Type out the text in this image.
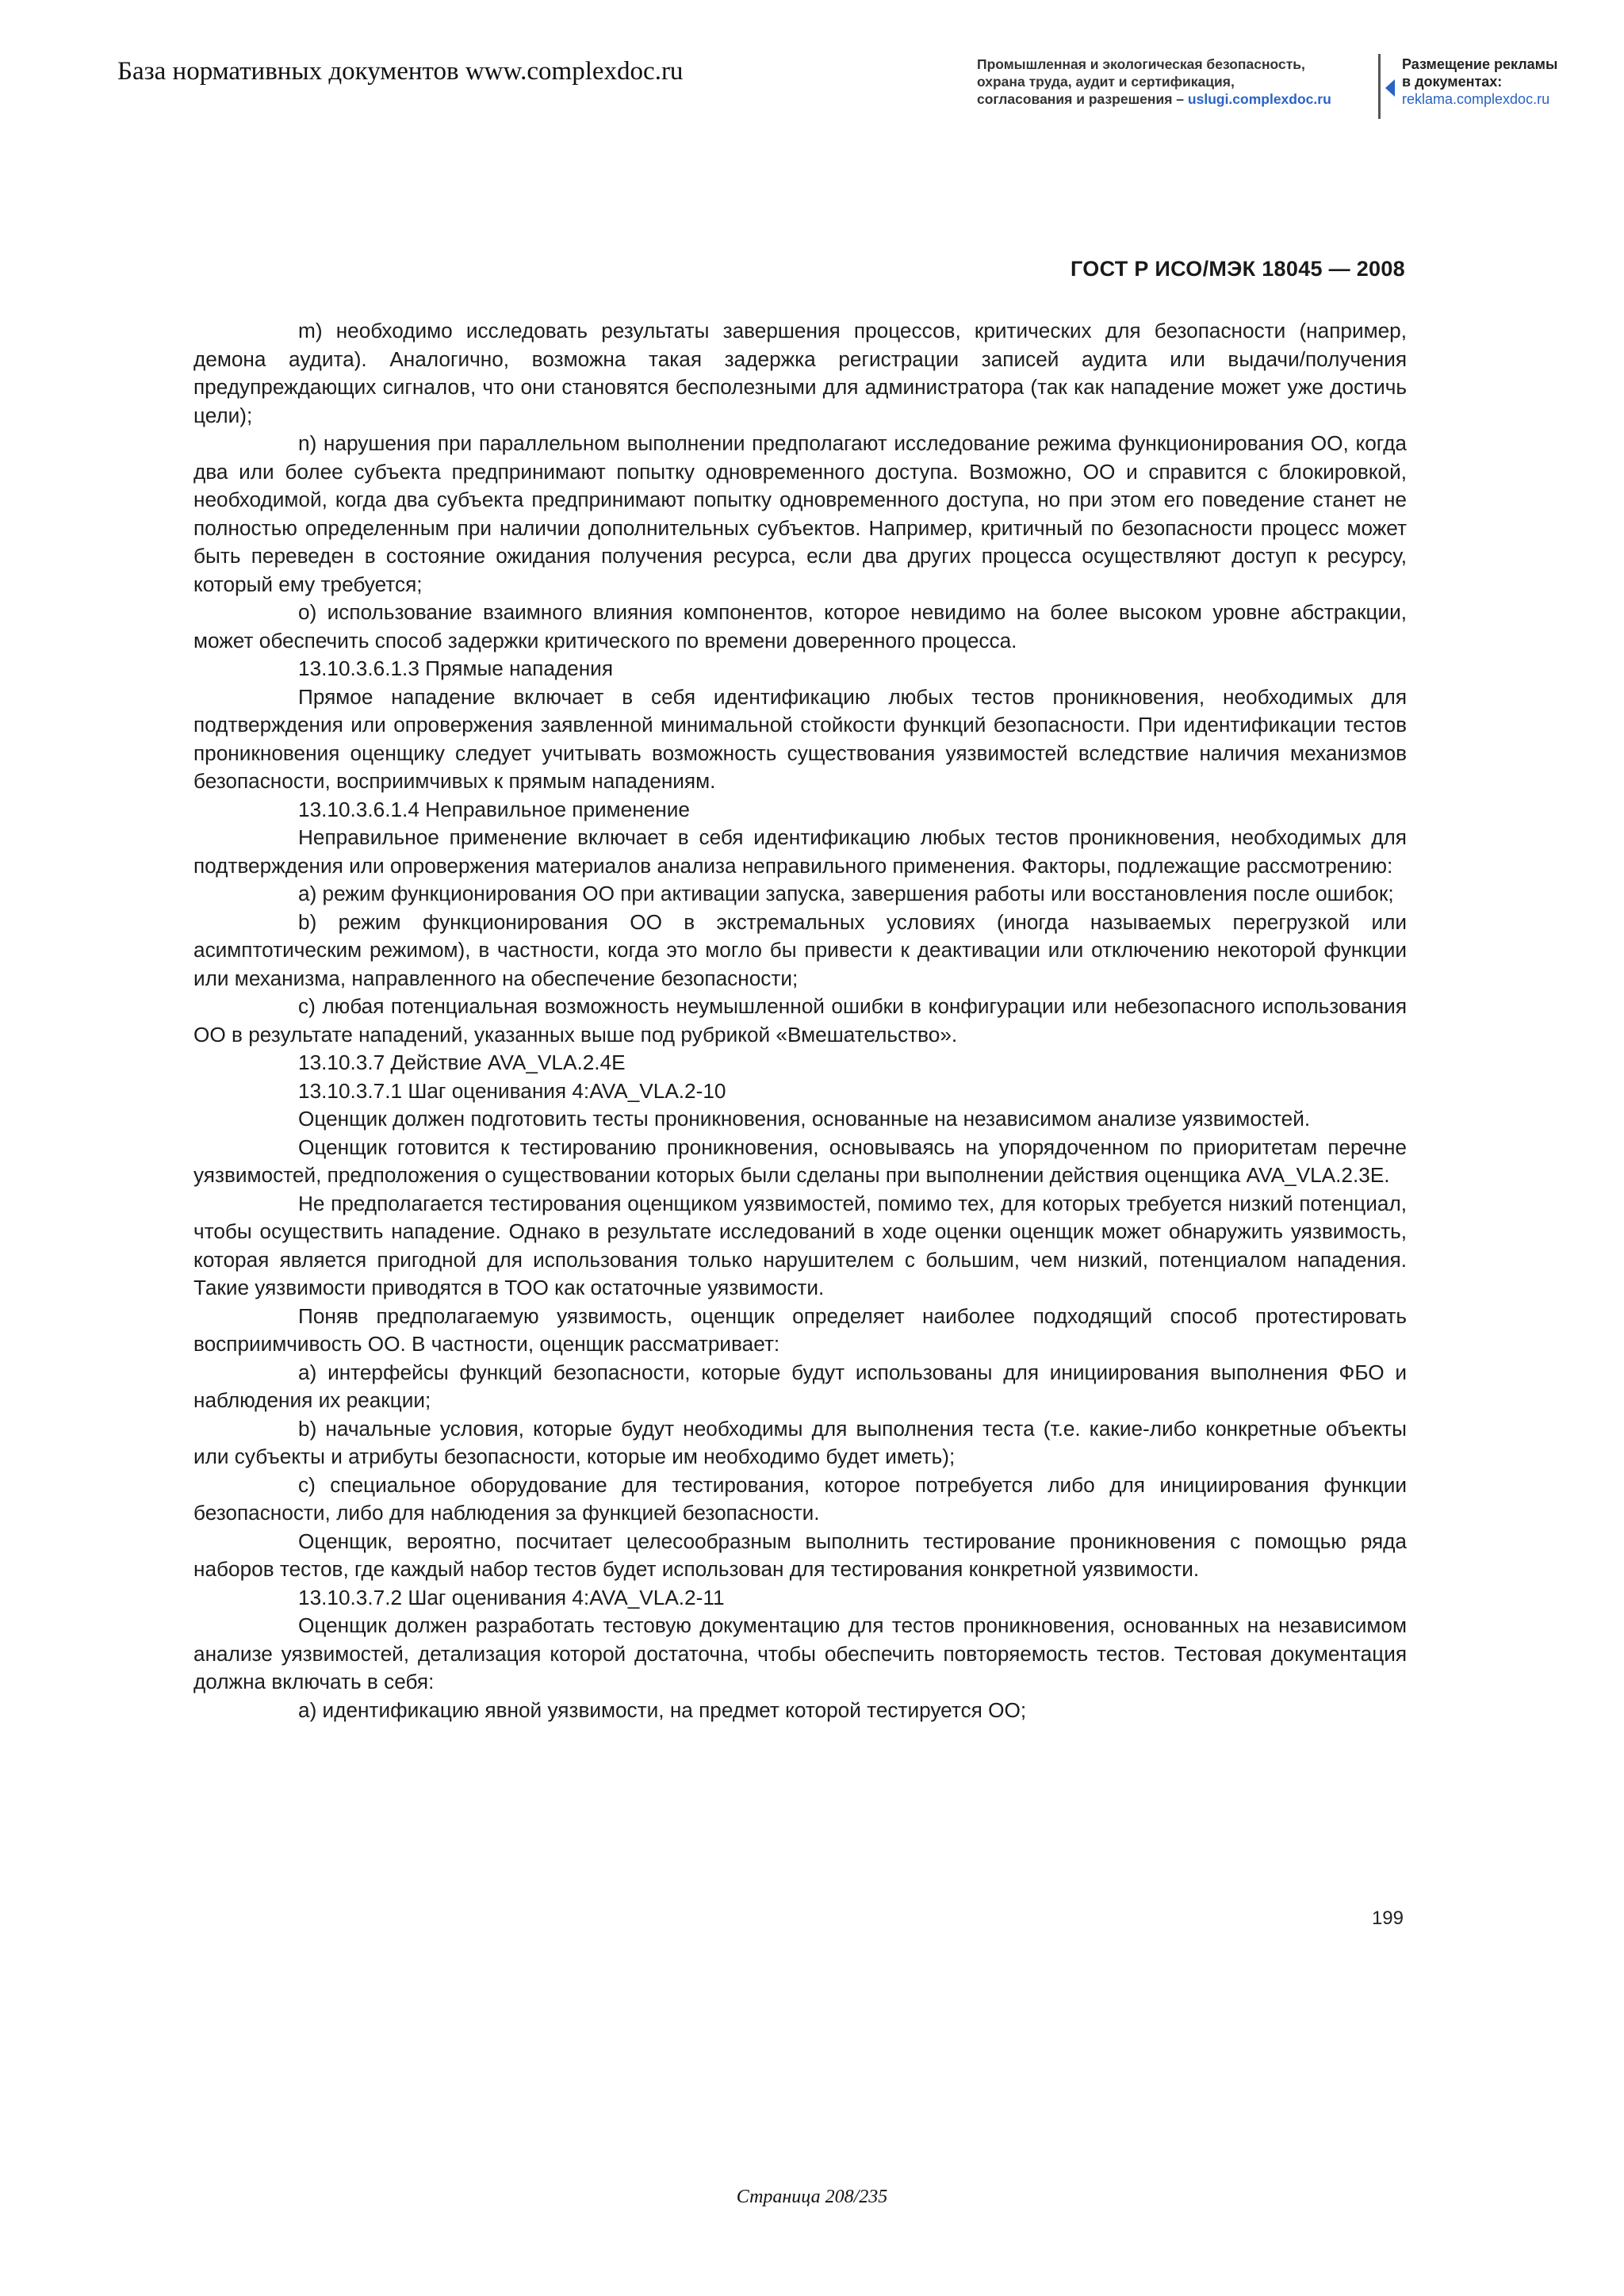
База нормативных документов www.complexdoc.ru	Промышленная и экологическая безопасность,
охрана труда, аудит и сертификация,
согласования и разрешения – uslugi.complexdoc.ru
Размещение рекламы
в документах:
reklama.complexdoc.ru
ГОСТ Р ИСО/МЭК 18045 — 2008

m) необходимо исследовать результаты завершения процессов, критических для безопасности (например, демона аудита). Аналогично, возможна такая задержка регистрации записей аудита или выдачи/получения предупреждающих сигналов, что они становятся бесполезными для администратора (так как нападение может уже достичь цели);

n) нарушения при параллельном выполнении предполагают исследование режима функционирования ОО, когда два или более субъекта предпринимают попытку одновременного доступа. Возможно, ОО и справится с блокировкой, необходимой, когда два субъекта предпринимают попытку одновременного доступа, но при этом его поведение станет не полностью определенным при наличии дополнительных субъектов. Например, критичный по безопасности процесс может быть переведен в состояние ожидания получения ресурса, если два других процесса осуществляют доступ к ресурсу, который ему требуется;

о) использование взаимного влияния компонентов, которое невидимо на более высоком уровне абстракции, может обеспечить способ задержки критического по времени доверенного процесса.

13.10.3.6.1.3 Прямые нападения

Прямое нападение включает в себя идентификацию любых тестов проникновения, необходимых для подтверждения или опровержения заявленной минимальной стойкости функций безопасности. При идентификации тестов проникновения оценщику следует учитывать возможность существования уязвимостей вследствие наличия механизмов безопасности, восприимчивых к прямым нападениям.

13.10.3.6.1.4 Неправильное применение

Неправильное применение включает в себя идентификацию любых тестов проникновения, необходимых для подтверждения или опровержения материалов анализа неправильного применения. Факторы, подлежащие рассмотрению:

а) режим функционирования ОО при активации запуска, завершения работы или восстановления после ошибок;

b) режим функционирования ОО в экстремальных условиях (иногда называемых перегрузкой или асимптотическим режимом), в частности, когда это могло бы привести к деактивации или отключению некоторой функции или механизма, направленного на обеспечение безопасности;

с) любая потенциальная возможность неумышленной ошибки в конфигурации или небезопасного использования ОО в результате нападений, указанных выше под рубрикой «Вмешательство».

13.10.3.7 Действие AVA_VLA.2.4E

13.10.3.7.1 Шаг оценивания 4:AVA_VLA.2-10

Оценщик должен подготовить тесты проникновения, основанные на независимом анализе уязвимостей.

Оценщик готовится к тестированию проникновения, основываясь на упорядоченном по приоритетам перечне уязвимостей, предположения о существовании которых были сделаны при выполнении действия оценщика AVA_VLA.2.3E.

Не предполагается тестирования оценщиком уязвимостей, помимо тех, для которых требуется низкий потенциал, чтобы осуществить нападение. Однако в результате исследований в ходе оценки оценщик может обнаружить уязвимость, которая является пригодной для использования только нарушителем с большим, чем низкий, потенциалом нападения. Такие уязвимости приводятся в ТОО как остаточные уязвимости.

Поняв предполагаемую уязвимость, оценщик определяет наиболее подходящий способ протестировать восприимчивость ОО. В частности, оценщик рассматривает:

а) интерфейсы функций безопасности, которые будут использованы для инициирования выполнения ФБО и наблюдения их реакции;

b) начальные условия, которые будут необходимы для выполнения теста (т.е. какие-либо конкретные объекты или субъекты и атрибуты безопасности, которые им необходимо будет иметь);

с) специальное оборудование для тестирования, которое потребуется либо для инициирования функции безопасности, либо для наблюдения за функцией безопасности.

Оценщик, вероятно, посчитает целесообразным выполнить тестирование проникновения с помощью ряда наборов тестов, где каждый набор тестов будет использован для тестирования конкретной уязвимости.

13.10.3.7.2 Шаг оценивания 4:AVA_VLA.2-11

Оценщик должен разработать тестовую документацию для тестов проникновения, основанных на независимом анализе уязвимостей, детализация которой достаточна, чтобы обеспечить повторяемость тестов. Тестовая документация должна включать в себя:

а) идентификацию явной уязвимости, на предмет которой тестируется ОО;

199
Страница 208/235
